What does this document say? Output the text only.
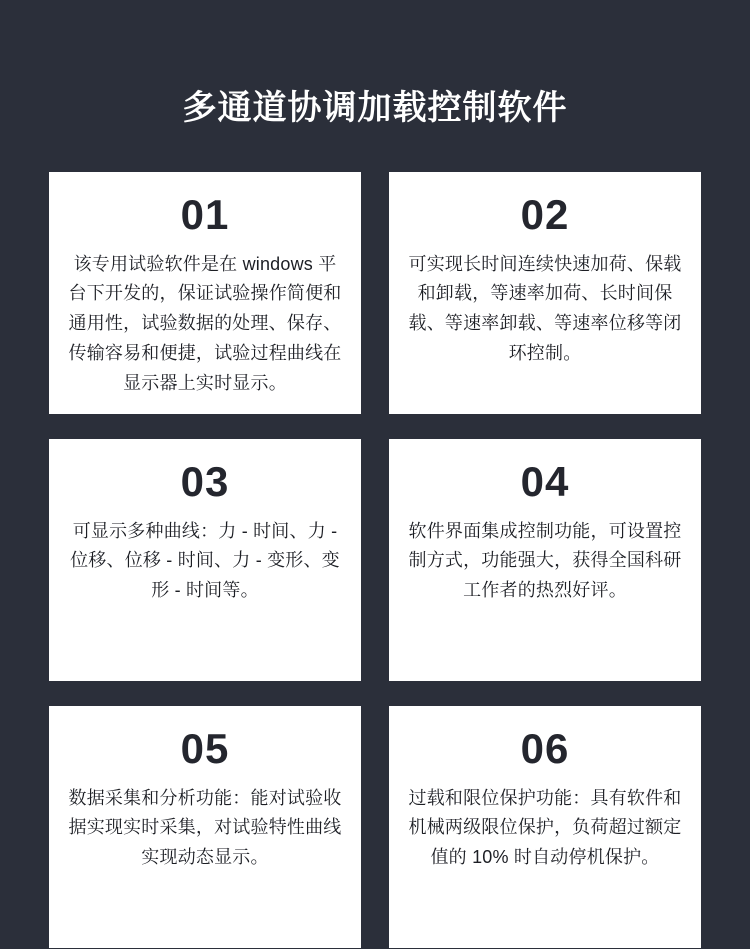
多通道协调加载控制软件
01
该专用试验软件是在 windows 平台下开发的，保证试验操作简便和通用性，试验数据的处理、保存、传输容易和便捷，试验过程曲线在显示器上实时显示。
02
可实现长时间连续快速加荷、保载和卸载，等速率加荷、长时间保载、等速率卸载、等速率位移等闭环控制。
03
可显示多种曲线：力 - 时间、力 - 位移、位移 - 时间、力 - 变形、变形 - 时间等。
04
软件界面集成控制功能，可设置控制方式，功能强大，获得全国科研工作者的热烈好评。
05
数据采集和分析功能：能对试验收据实现实时采集，对试验特性曲线实现动态显示。
06
过载和限位保护功能：具有软件和机械两级限位保护，负荷超过额定值的 10% 时自动停机保护。
